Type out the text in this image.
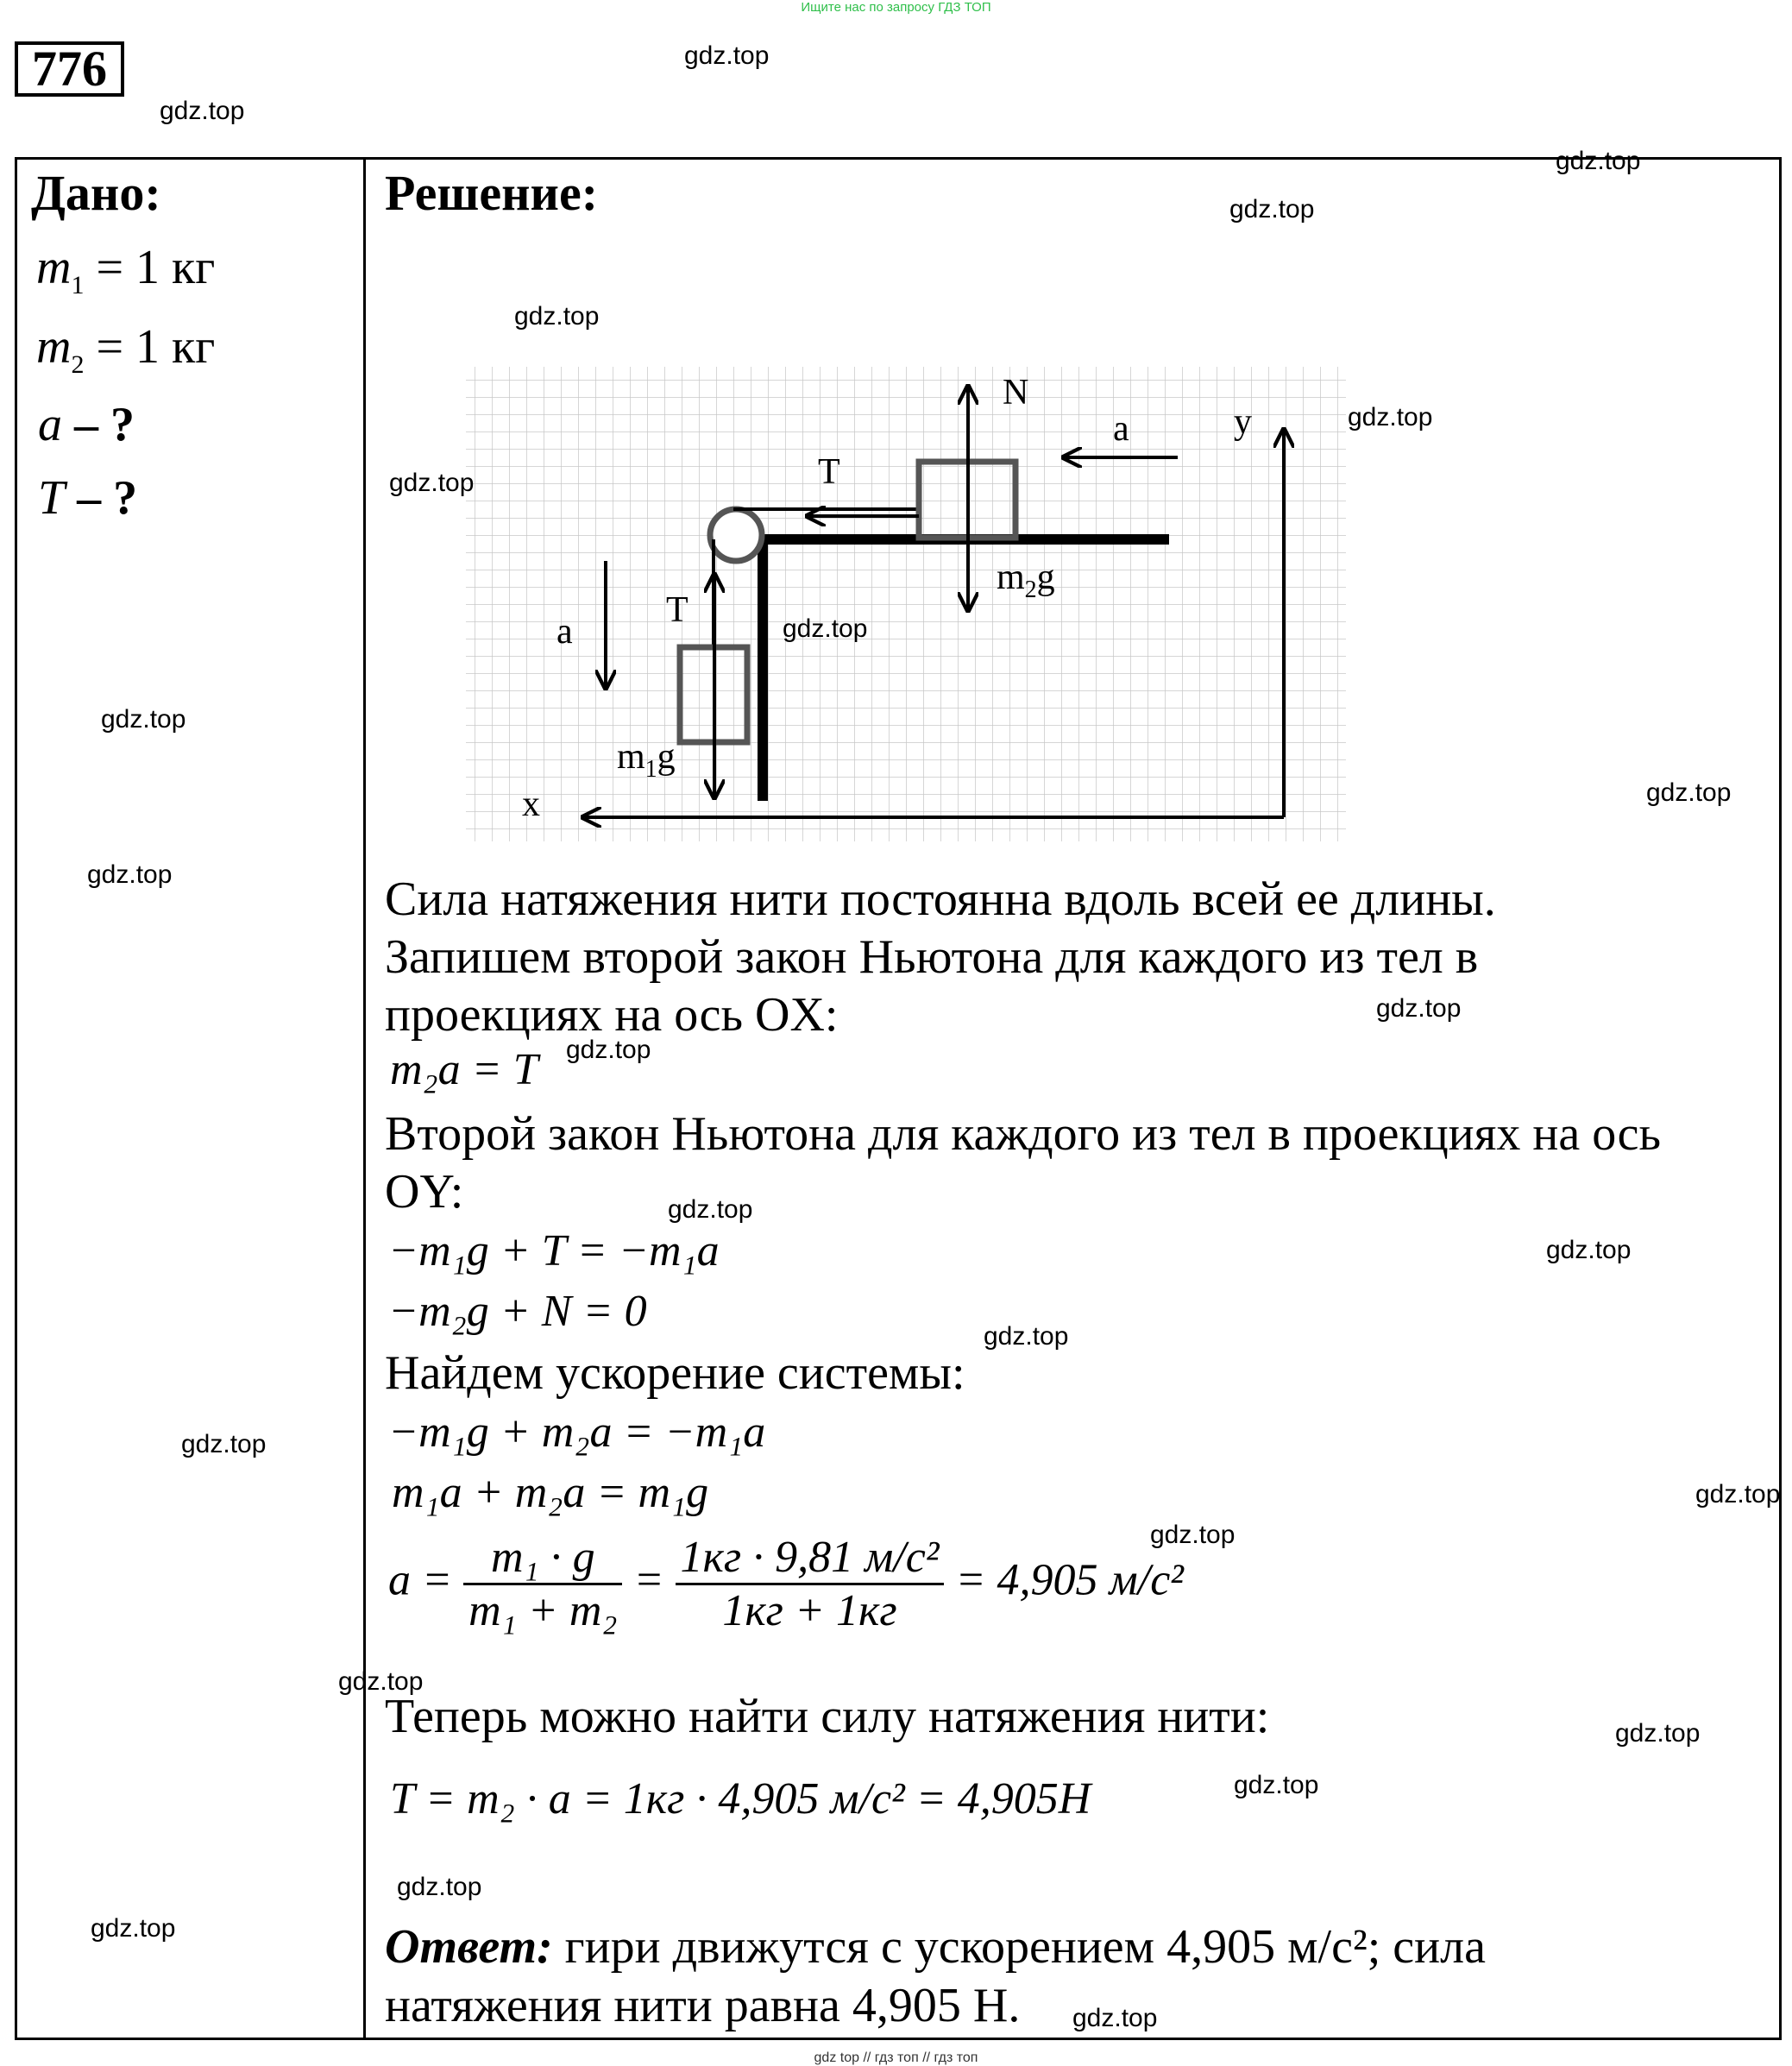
Ищите нас по запросу ГДЗ ТОП
776
Дано:
$m_1 = 1$ кг
$m_2 = 1$ кг
a – ?
T – ?
Решение:
N
a	y
T
$m_2g$
T
a
$m_1g$
x
Сила натяжения нити постоянна вдоль всей ее длины.
Запишем второй закон Ньютона для каждого из тел в
проекциях на ось OX:
m₂a = T
Второй закон Ньютона для каждого из тел в проекциях на ось
OY:
−m₁g + T = −m₁a
−m₂g + N = 0
Найдем ускорение системы:
−m₁g + m₂a = −m₁a
m₁a + m₂a = m₁g
$a = \frac{\text{m₁ · g}}{\text{m₁ + m₂}} = \frac{\text{1кг · 9,81 м/c²}}{1кг + 1кг} = 4,905$ м/c²
Теперь можно найти силу натяжения нити:
T = m₂ · a = 1кг · 4,905 м/c² = 4,905H
Ответ: гири движутся с ускорением 4,905 м/с²; сила
натяжения нити равна 4,905 Н.
gdz.top
gdz.top
gdz.top
gdz.top
gdz.top
gdz.top
gdz.top
gdz.top
gdz.top
gdz.top
gdz.top
gdz.top
gdz.top
gdz.top
gdz.top
gdz.top
gdz.top
gdz.top
gdz.top
gdz.top
gdz.top
gdz.top
gdz.top
gdz.top
gdz.top
gdz top // гдз топ // гдз топ
